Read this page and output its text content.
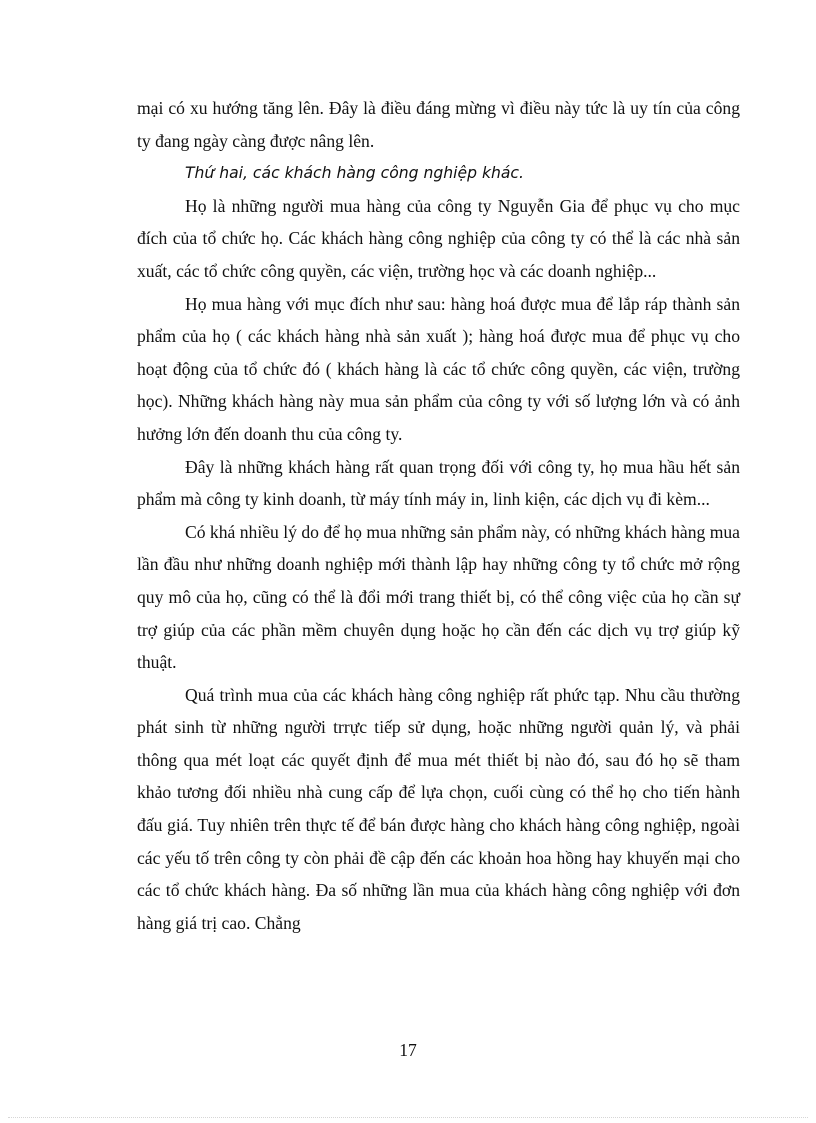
mại có xu hướng tăng lên. Đây là điều đáng mừng vì điều này tức là uy tín của công ty đang ngày càng được nâng lên.

Thứ hai, các khách hàng công nghiệp khác.

Họ là những người mua hàng của công ty Nguyễn Gia để phục vụ cho mục đích của tổ chức họ. Các khách hàng công nghiệp của công ty có thể là các nhà sản xuất, các tổ chức công quyền, các viện, trường học và các doanh nghiệp...

Họ mua hàng với mục đích như sau: hàng hoá được mua để lắp ráp thành sản phẩm của họ ( các khách hàng nhà sản xuất ); hàng hoá được mua để phục vụ cho hoạt động của tổ chức đó ( khách hàng là các tổ chức công quyền, các viện, trường học). Những khách hàng này mua sản phẩm của công ty với số lượng lớn và có ảnh hưởng lớn đến doanh thu của công ty.

Đây là những khách hàng rất quan trọng đối với công ty, họ mua hầu hết sản phẩm mà công ty kinh doanh, từ máy tính máy in, linh kiện, các dịch vụ đi kèm...

Có khá nhiều lý do để họ mua những sản phẩm này, có những khách hàng mua lần đầu như những doanh nghiệp mới thành lập hay những công ty tổ chức mở rộng quy mô của họ, cũng có thể là đổi mới trang thiết bị, có thể công việc của họ cần sự trợ giúp của các phần mềm chuyên dụng hoặc họ cần đến các dịch vụ trợ giúp kỹ thuật.

Quá trình mua của các khách hàng công nghiệp rất phức tạp. Nhu cầu thường phát sinh từ những người trrực tiếp sử dụng, hoặc những người quản lý, và phải thông qua mét loạt các quyết định để mua mét thiết bị nào đó, sau đó họ sẽ tham khảo tương đối nhiều nhà cung cấp để lựa chọn, cuối cùng có thể họ cho tiến hành đấu giá. Tuy nhiên trên thực tế để bán được hàng cho khách hàng công nghiệp, ngoài các yếu tố trên công ty còn phải đề cập đến các khoản hoa hồng hay khuyến mại cho các tổ chức khách hàng. Đa số những lần mua của khách hàng công nghiệp với đơn hàng giá trị cao. Chẳng

17
